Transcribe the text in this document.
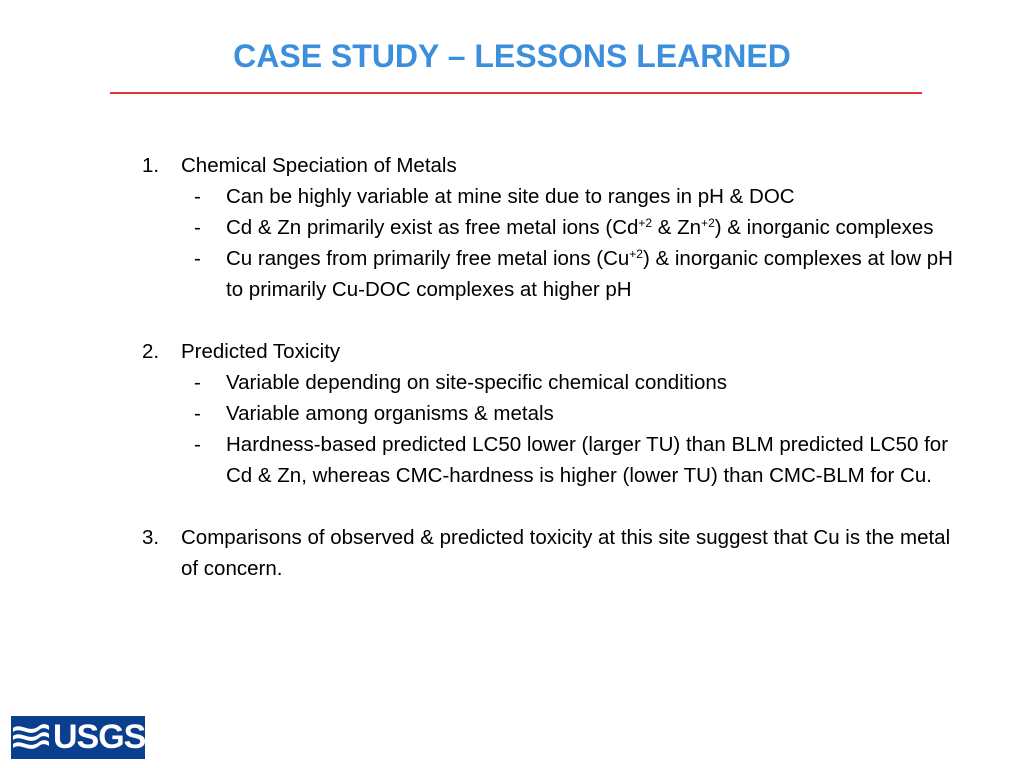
CASE STUDY – LESSONS LEARNED
1.	Chemical Speciation of Metals
-	Can be highly variable at mine site due to ranges in pH & DOC
-	Cd & Zn primarily exist as free metal ions ($Cd^{+2}$ & $Zn^{+2}$) & inorganic complexes
-	Cu ranges from primarily free metal ions $(Cu^{+2})$ & inorganic complexes at low pH to primarily Cu-DOC complexes at higher pH
2.	Predicted Toxicity
-	Variable depending on site-specific chemical conditions
-	Variable among organisms & metals
-	Hardness-based predicted LC50 lower (larger TU) than BLM predicted LC50 for Cd & Zn, whereas CMC-hardness is higher (lower TU) than CMC-BLM for Cu.
3.	Comparisons of observed & predicted toxicity at this site suggest that Cu is the metal of concern.
USGS
